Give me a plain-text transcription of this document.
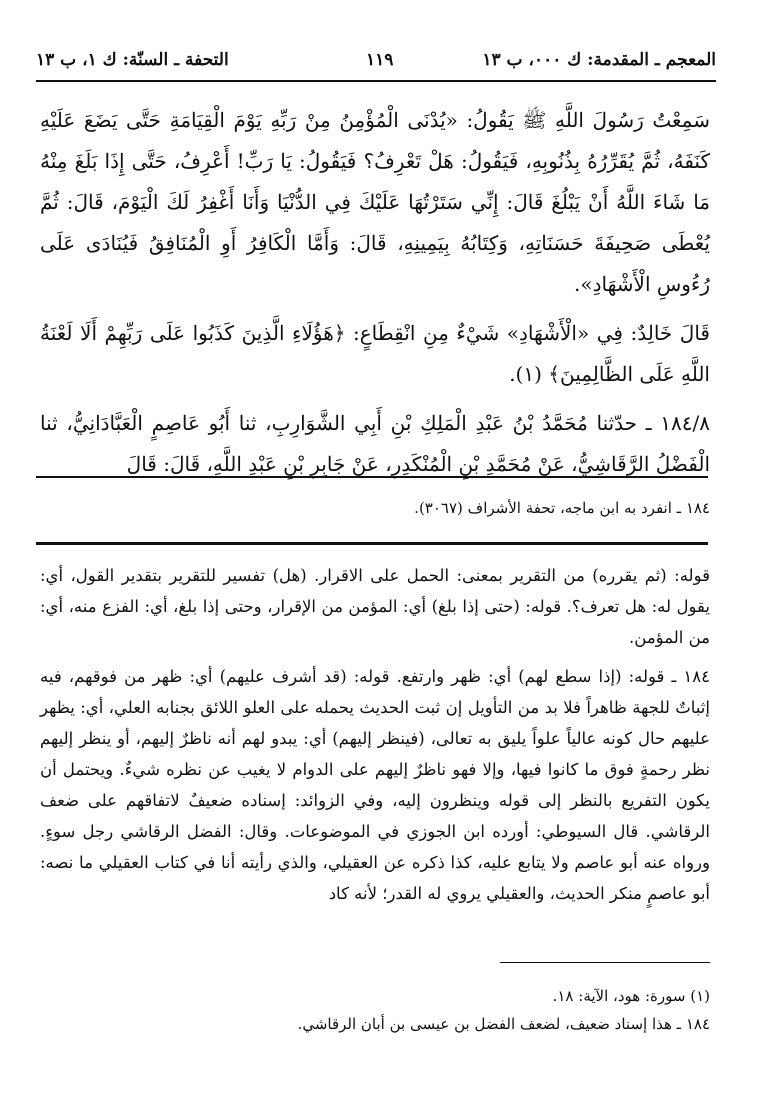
المعجم ـ المقدمة: ك ٠٠٠، ب ١٣
١١٩
التحفة ـ السنّة: ك ١، ب ١٣

سَمِعْتُ رَسُولَ اللَّهِ ﷺ يَقُولُ: «يُدْنَى الْمُؤْمِنُ مِنْ رَبِّهِ يَوْمَ الْقِيَامَةِ حَتَّى يَضَعَ عَلَيْهِ كَنَفَهُ، ثُمَّ يُقَرِّرُهُ بِذُنُوبِهِ، فَيَقُولُ: هَلْ تَعْرِفُ؟ فَيَقُولُ: يَا رَبِّ! أَعْرِفُ، حَتَّى إِذَا بَلَغَ مِنْهُ مَا شَاءَ اللَّهُ أَنْ يَبْلُغَ قَالَ: إِنِّي سَتَرْتُهَا عَلَيْكَ فِي الدُّنْيَا وَأَنَا أَغْفِرُ لَكَ الْيَوْمَ، قَالَ: ثُمَّ يُعْطَى صَحِيفَةَ حَسَنَاتِهِ، وَكِتَابُهُ بِيَمِينِهِ، قَالَ: وَأَمَّا الْكَافِرُ أَوِ الْمُنَافِقُ فَيُنَادَى عَلَى رُءُوسِ الْأَشْهَادِ».

قَالَ خَالِدٌ: فِي «الْأَشْهَادِ» شَيْءٌ مِنِ انْقِطَاعٍ: ﴿هَؤُلَاءِ الَّذِينَ كَذَبُوا عَلَى رَبِّهِمْ أَلَا لَعْنَةُ اللَّهِ عَلَى الظَّالِمِينَ﴾ (١).

١٨٤/٨ ـ حدّثنا مُحَمَّدُ بْنُ عَبْدِ الْمَلِكِ بْنِ أَبِي الشَّوَارِبِ، ثنا أَبُو عَاصِمٍ الْعَبَّادَانِيُّ، ثنا الْفَضْلُ الرَّقَاشِيُّ، عَنْ مُحَمَّدِ بْنِ الْمُنْكَدِرِ، عَنْ جَابِرِ بْنِ عَبْدِ اللَّهِ، قَالَ: قَالَ

١٨٤ ـ انفرد به ابن ماجه، تحفة الأشراف (٣٠٦٧).

قوله: (ثم يقرره) من التقرير بمعنى: الحمل على الاقرار. (هل) تفسير للتقرير بتقدير القول، أي: يقول له: هل تعرف؟. قوله: (حتى إذا بلغ) أي: المؤمن من الإقرار، وحتى إذا بلغ، أي: الفزع منه، أي: من المؤمن.

١٨٤ ـ قوله: (إذا سطع لهم) أي: ظهر وارتفع. قوله: (قد أشرف عليهم) أي: ظهر من فوقهم، فيه إثباتٌ للجهة ظاهراً فلا بد من التأويل إن ثبت الحديث يحمله على العلو اللائق بجنابه العلي، أي: يظهر عليهم حال كونه عالياً علواً يليق به تعالى، (فينظر إليهم) أي: يبدو لهم أنه ناظرٌ إليهم، أو ينظر إليهم نظر رحمةٍ فوق ما كانوا فيها، وإلا فهو ناظرٌ إليهم على الدوام لا يغيب عن نظره شيءٌ. ويحتمل أن يكون التفريع بالنظر إلى قوله وينظرون إليه، وفي الزوائد: إسناده ضعيفٌ لاتفاقهم على ضعف الرقاشي. قال السيوطي: أورده ابن الجوزي في الموضوعات. وقال: الفضل الرقاشي رجل سوءٍ. ورواه عنه أبو عاصم ولا يتابع عليه، كذا ذكره عن العقيلي، والذي رأيته أنا في كتاب العقيلي ما نصه: أبو عاصمٍ منكر الحديث، والعقيلي يروي له القدر؛ لأنه كاد

(١) سورة: هود، الآية: ١٨.
١٨٤ ـ هذا إسناد ضعيف، لضعف الفضل بن عيسى بن أبان الرقاشي.
